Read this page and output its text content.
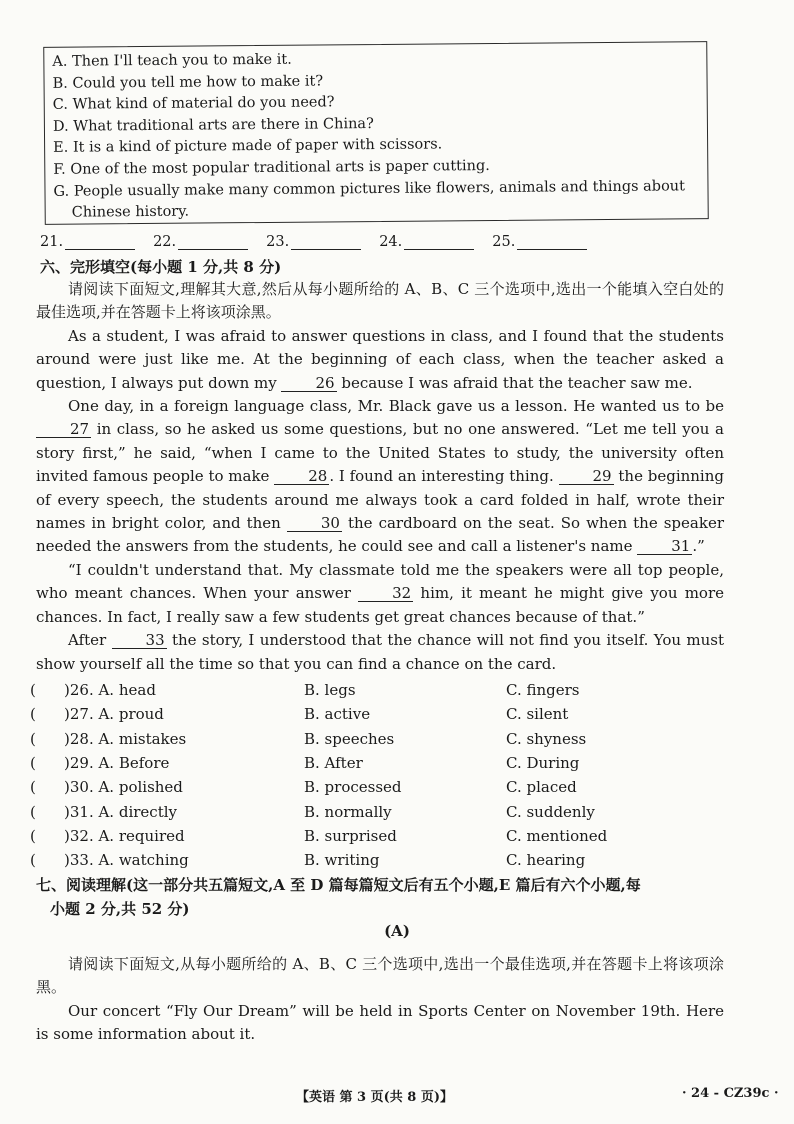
A. Then I'll teach you to make it.
B. Could you tell me how to make it?
C. What kind of material do you need?
D. What traditional arts are there in China?
E. It is a kind of picture made of paper with scissors.
F. One of the most popular traditional arts is paper cutting.
G. People usually make many common pictures like flowers, animals and things about
Chinese history.
21.	22.	23.	24.	25.
六、完形填空(每小题 1 分,共 8 分)

请阅读下面短文,理解其大意,然后从每小题所给的 A、B、C 三个选项中,选出一个能填入空白处的最佳选项,并在答题卡上将该项涂黑。

As a student, I was afraid to answer questions in class, and I found that the students around were just like me. At the beginning of each class, when the teacher asked a question, I always put down my 26 because I was afraid that the teacher saw me.

One day, in a foreign language class, Mr. Black gave us a lesson. He wanted us to be 27 in class, so he asked us some questions, but no one answered. “Let me tell you a story first,” he said, “when I came to the United States to study, the university often invited famous people to make 28 . I found an interesting thing. 29 the beginning of every speech, the students around me always took a card folded in half, wrote their names in bright color, and then 30 the cardboard on the seat. So when the speaker needed the answers from the students, he could see and call a listener's name 31 .”

“I couldn't understand that. My classmate told me the speakers were all top people, who meant chances. When your answer 32 him, it meant he might give you more chances. In fact, I really saw a few students get great chances because of that.”

After 33 the story, I understood that the chance will not find you itself. You must show yourself all the time so that you can find a chance on the card.

(	)26. A. head	B. legs	C. fingers
(	)27. A. proud	B. active	C. silent
(	)28. A. mistakes	B. speeches	C. shyness
(	)29. A. Before	B. After	C. During
(	)30. A. polished	B. processed	C. placed
(	)31. A. directly	B. normally	C. suddenly
(	)32. A. required	B. surprised	C. mentioned
(	)33. A. watching	B. writing	C. hearing
七、阅读理解(这一部分共五篇短文,A 至 D 篇每篇短文后有五个小题,E 篇后有六个小题,每
小题 2 分,共 52 分)
(A)

请阅读下面短文,从每小题所给的 A、B、C 三个选项中,选出一个最佳选项,并在答题卡上将该项涂黑。

Our concert “Fly Our Dream” will be held in Sports Center on November 19th. Here is some information about it.

【英语 第 3 页(共 8 页)】	· 24 - CZ39c ·
